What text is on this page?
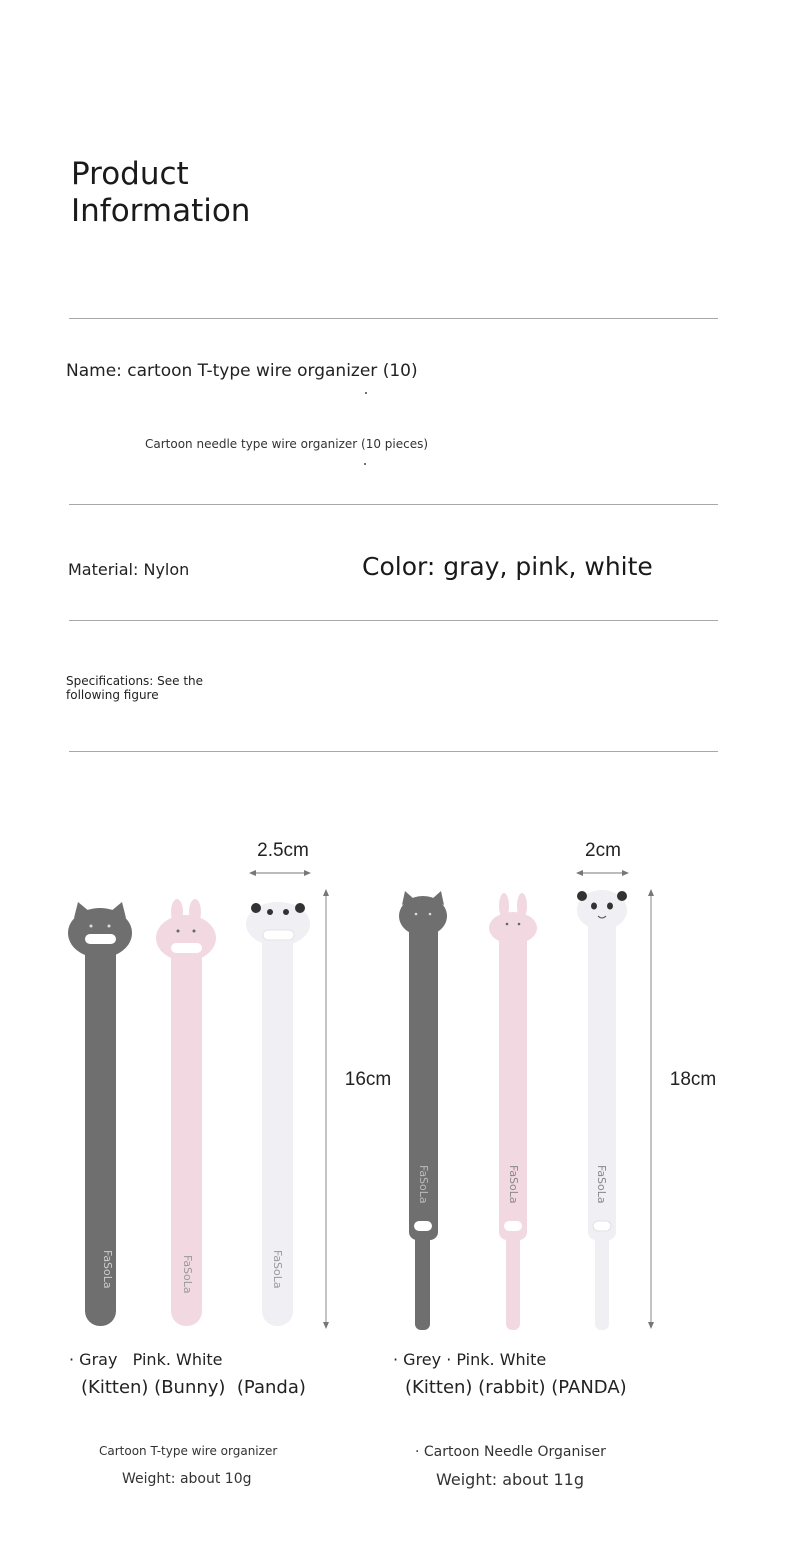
Product
Information
Name: cartoon T-type wire organizer (10)
Cartoon needle type wire organizer (10 pieces)
Material: Nylon	Color: gray, pink, white
Specifications: See the following figure
2.5cm
FaSoLa	FaSoLa	FaSoLa
16cm
2cm
FaSoLa	FaSoLa	FaSoLa
18cm
· Gray   Pink. White
(Kitten) (Bunny)  (Panda)
Cartoon T-type wire organizer
Weight: about 10g
· Grey · Pink. White
(Kitten) (rabbit) (PANDA)
· Cartoon Needle Organiser
Weight: about 11g
